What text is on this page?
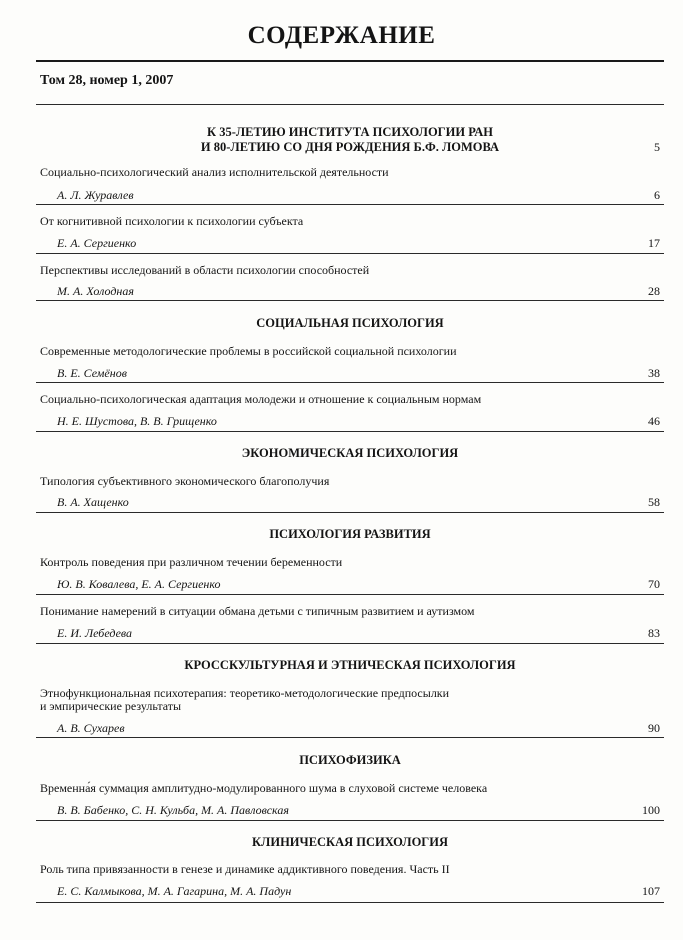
СОДЕРЖАНИЕ
Том 28, номер 1, 2007
К 35-ЛЕТИЮ ИНСТИТУТА ПСИХОЛОГИИ РАН
И 80-ЛЕТИЮ СО ДНЯ РОЖДЕНИЯ Б.Ф. ЛОМОВА	5
Социально-психологический анализ исполнительской деятельности
А. Л. Журавлев	6
От когнитивной психологии к психологии субъекта
Е. А. Сергиенко	17
Перспективы исследований в области психологии способностей
М. А. Холодная	28
СОЦИАЛЬНАЯ ПСИХОЛОГИЯ
Современные методологические проблемы в российской социальной психологии
В. Е. Семёнов	38
Социально-психологическая адаптация молодежи и отношение к социальным нормам
Н. Е. Шустова, В. В. Грищенко	46
ЭКОНОМИЧЕСКАЯ ПСИХОЛОГИЯ
Типология субъективного экономического благополучия
В. А. Хащенко	58
ПСИХОЛОГИЯ РАЗВИТИЯ
Контроль поведения при различном течении беременности
Ю. В. Ковалева, Е. А. Сергиенко	70
Понимание намерений в ситуации обмана детьми с типичным развитием и аутизмом
Е. И. Лебедева	83
КРОССКУЛЬТУРНАЯ И ЭТНИЧЕСКАЯ ПСИХОЛОГИЯ
Этнофункциональная психотерапия: теоретико-методологические предпосылки
и эмпирические результаты
А. В. Сухарев	90
ПСИХОФИЗИКА
Временна́я суммация амплитудно-модулированного шума в слуховой системе человека
В. В. Бабенко, С. Н. Кульба, М. А. Павловская	100
КЛИНИЧЕСКАЯ ПСИХОЛОГИЯ
Роль типа привязанности в генезе и динамике аддиктивного поведения. Часть II
Е. С. Калмыкова, М. А. Гагарина, М. А. Падун	107
